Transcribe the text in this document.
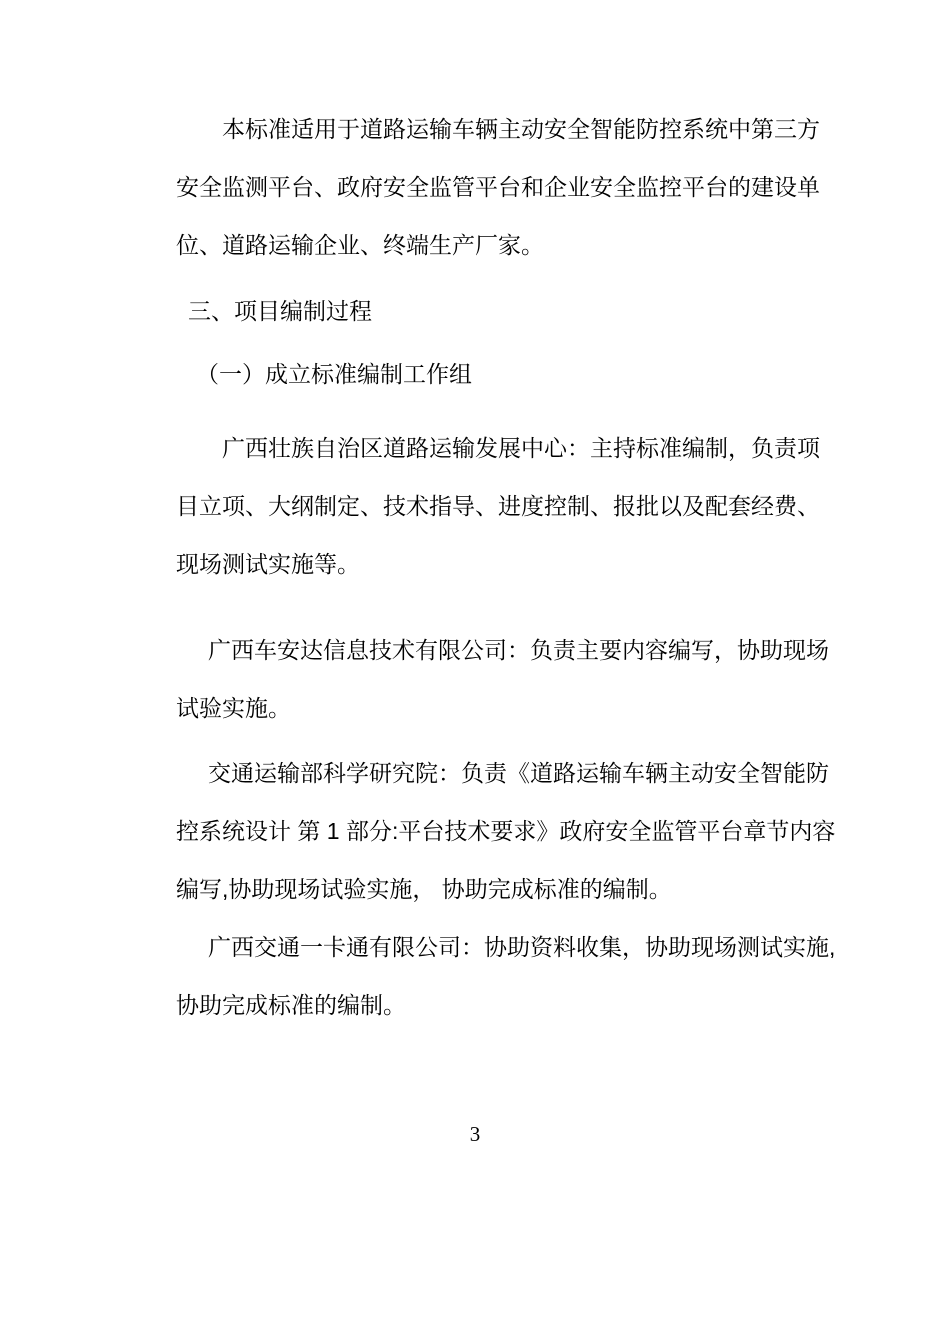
本标准适用于道路运输车辆主动安全智能防控系统中第三方
安全监测平台、政府安全监管平台和企业安全监控平台的建设单
位、道路运输企业、终端生产厂家。
三、项目编制过程
（一）成立标准编制工作组
广西壮族自治区道路运输发展中心：主持标准编制，负责项
目立项、大纲制定、技术指导、进度控制、报批以及配套经费、
现场测试实施等。
广西车安达信息技术有限公司：负责主要内容编写，协助现场
试验实施。
交通运输部科学研究院：负责《道路运输车辆主动安全智能防
控系统设计 第 1 部分:平台技术要求》政府安全监管平台章节内容
编写,协助现场试验实施， 协助完成标准的编制。
广西交通一卡通有限公司：协助资料收集，协助现场测试实施,
协助完成标准的编制。
3
